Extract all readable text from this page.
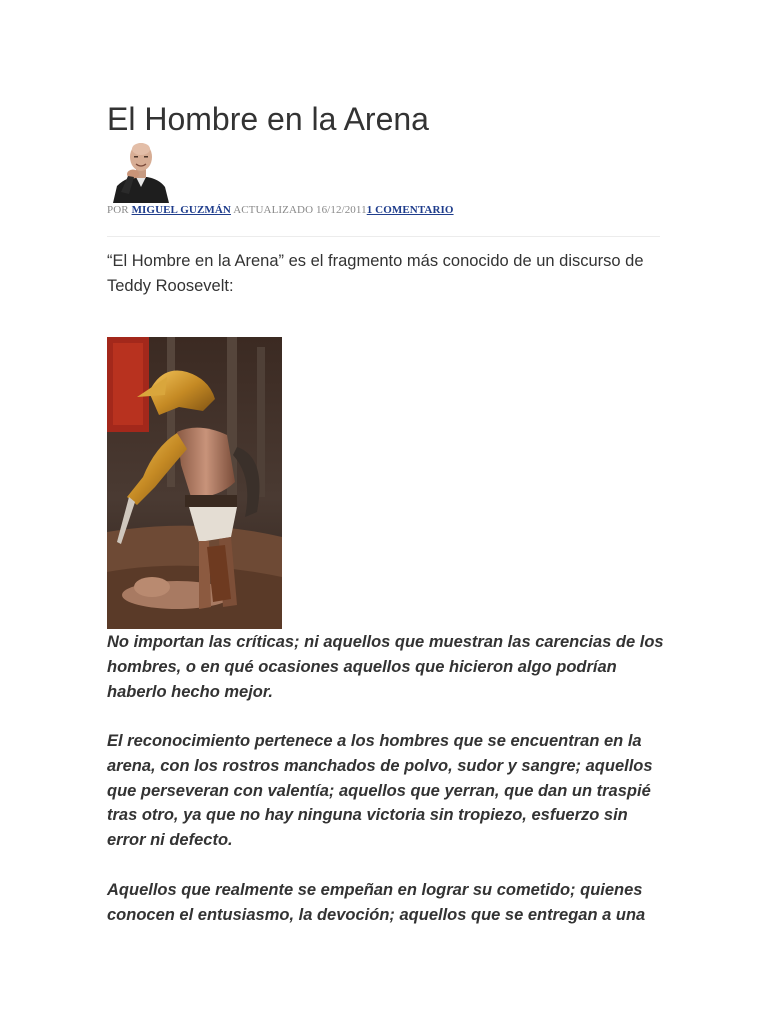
El Hombre en la Arena
POR MIGUEL GUZMÁN ACTUALIZADO 16/12/20111 COMENTARIO

“El Hombre en la Arena” es el fragmento más conocido de un discurso de Teddy Roosevelt:

No importan las críticas; ni aquellos que muestran las carencias de los hombres, o en qué ocasiones aquellos que hicieron algo podrían haberlo hecho mejor.

El reconocimiento pertenece a los hombres que se encuentran en la arena, con los rostros manchados de polvo, sudor y sangre; aquellos que perseveran con valentía; aquellos que yerran, que dan un traspié tras otro, ya que no hay ninguna victoria sin tropiezo, esfuerzo sin error ni defecto.

Aquellos que realmente se empeñan en lograr su cometido; quienes conocen el entusiasmo, la devoción; aquellos que se entregan a una
